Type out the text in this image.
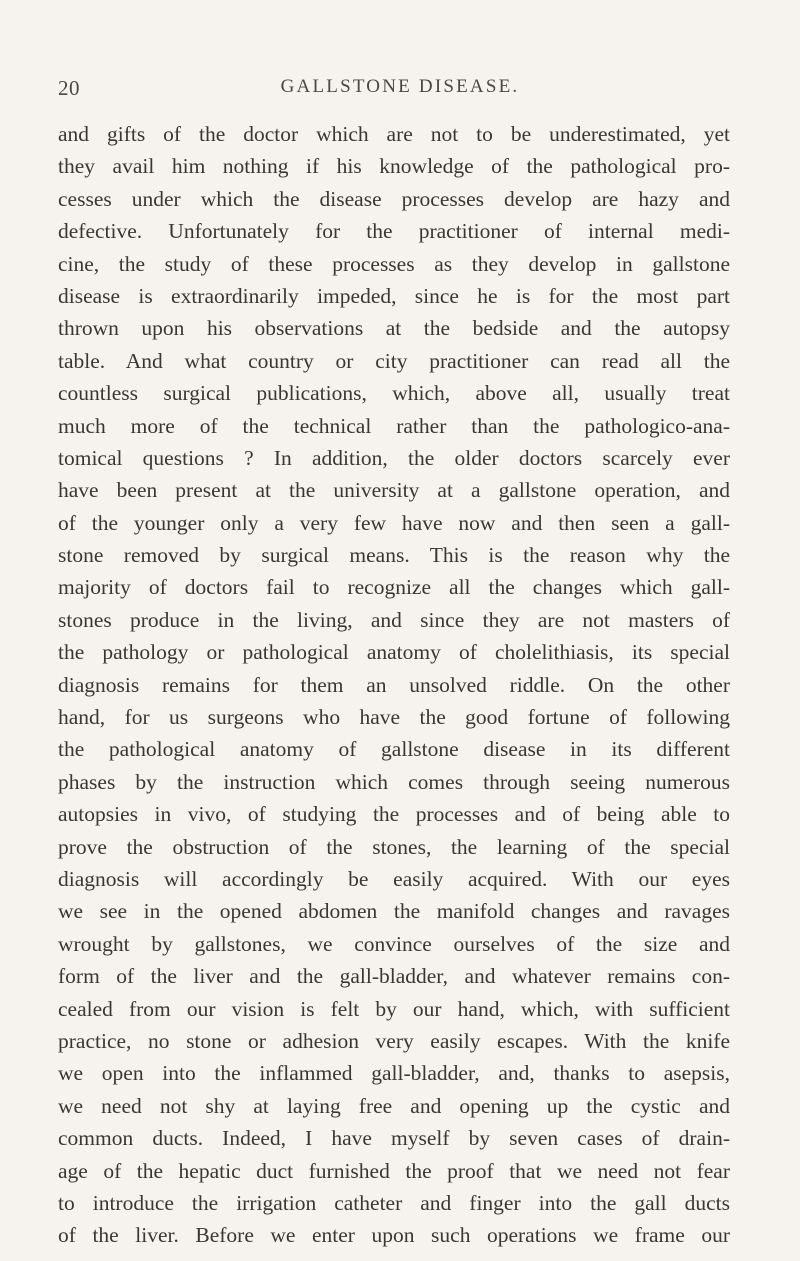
20	GALLSTONE DISEASE.
and gifts of the doctor which are not to be underestimated, yet
they avail him nothing if his knowledge of the pathological pro-
cesses under which the disease processes develop are hazy and
defective. Unfortunately for the practitioner of internal medi-
cine, the study of these processes as they develop in gallstone
disease is extraordinarily impeded, since he is for the most part
thrown upon his observations at the bedside and the autopsy
table. And what country or city practitioner can read all the
countless surgical publications, which, above all, usually treat
much more of the technical rather than the pathologico-ana-
tomical questions ? In addition, the older doctors scarcely ever
have been present at the university at a gallstone operation, and
of the younger only a very few have now and then seen a gall-
stone removed by surgical means. This is the reason why the
majority of doctors fail to recognize all the changes which gall-
stones produce in the living, and since they are not masters of
the pathology or pathological anatomy of cholelithiasis, its special
diagnosis remains for them an unsolved riddle. On the other
hand, for us surgeons who have the good fortune of following
the pathological anatomy of gallstone disease in its different
phases by the instruction which comes through seeing numerous
autopsies in vivo, of studying the processes and of being able to
prove the obstruction of the stones, the learning of the special
diagnosis will accordingly be easily acquired. With our eyes
we see in the opened abdomen the manifold changes and ravages
wrought by gallstones, we convince ourselves of the size and
form of the liver and the gall-bladder, and whatever remains con-
cealed from our vision is felt by our hand, which, with sufficient
practice, no stone or adhesion very easily escapes. With the knife
we open into the inflammed gall-bladder, and, thanks to asepsis,
we need not shy at laying free and opening up the cystic and
common ducts. Indeed, I have myself by seven cases of drain-
age of the hepatic duct furnished the proof that we need not fear
to introduce the irrigation catheter and finger into the gall ducts
of the liver. Before we enter upon such operations we frame our
